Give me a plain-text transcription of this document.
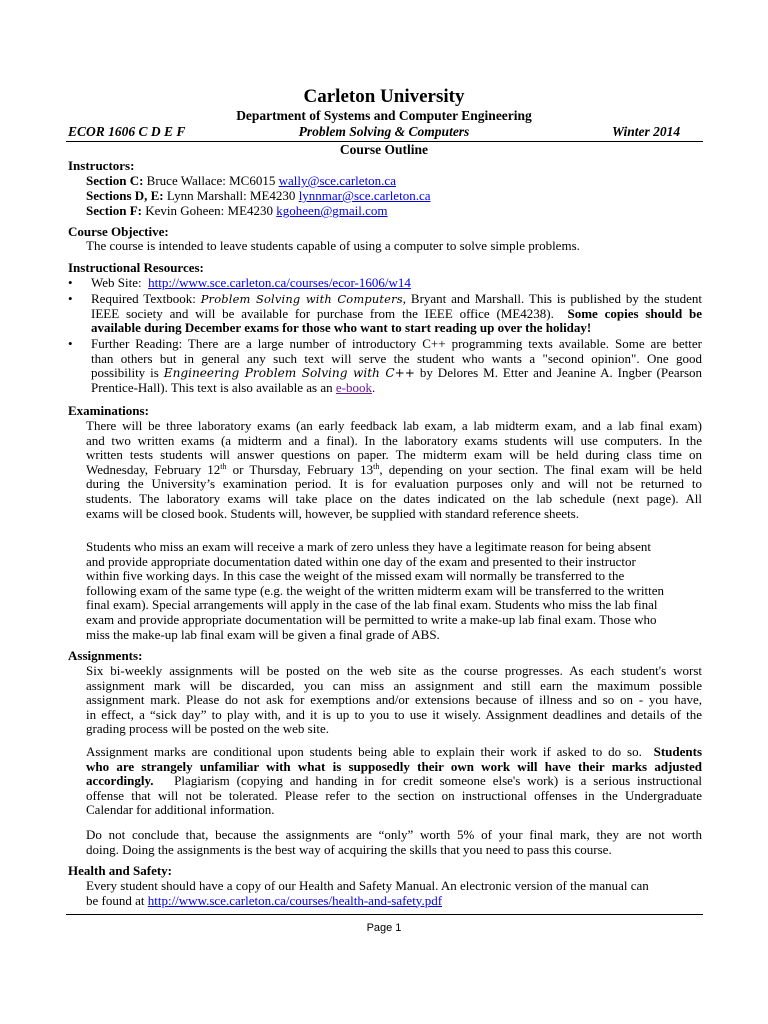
Carleton University
Department of Systems and Computer Engineering
ECOR 1606 C D E F	Problem Solving & Computers	Winter 2014
Course Outline
Instructors:
Section C: Bruce Wallace: MC6015 wally@sce.carleton.ca
Sections D, E: Lynn Marshall: ME4230 lynnmar@sce.carleton.ca
Section F: Kevin Goheen: ME4230 kgoheen@gmail.com
Course Objective:
The course is intended to leave students capable of using a computer to solve simple problems.
Instructional Resources:
• Web Site: http://www.sce.carleton.ca/courses/ecor-1606/w14
• Required Textbook: Problem Solving with Computers, Bryant and Marshall. This is published by the student

IEEE society and will be available for purchase from the IEEE office (ME4238). Some copies should be

available during December exams for those who want to start reading up over the holiday!

• Further Reading: There are a large number of introductory C++ programming texts available. Some are better

than others but in general any such text will serve the student who wants a "second opinion". One good

possibility is Engineering Problem Solving with C++ by Delores M. Etter and Jeanine A. Ingber (Pearson

Prentice-Hall). This text is also available as an e-book.

Examinations:

There will be three laboratory exams (an early feedback lab exam, a lab midterm exam, and a lab final exam)

and two written exams (a midterm and a final). In the laboratory exams students will use computers. In the

written tests students will answer questions on paper. The midterm exam will be held during class time on

Wednesday, February 12th or Thursday, February 13th, depending on your section. The final exam will be held

during the University’s examination period. It is for evaluation purposes only and will not be returned to

students. The laboratory exams will take place on the dates indicated on the lab schedule (next page). All

exams will be closed book. Students will, however, be supplied with standard reference sheets.

Students who miss an exam will receive a mark of zero unless they have a legitimate reason for being absent

and provide appropriate documentation dated within one day of the exam and presented to their instructor

within five working days. In this case the weight of the missed exam will normally be transferred to the

following exam of the same type (e.g. the weight of the written midterm exam will be transferred to the written

final exam). Special arrangements will apply in the case of the lab final exam. Students who miss the lab final

exam and provide appropriate documentation will be permitted to write a make-up lab final exam. Those who

miss the make-up lab final exam will be given a final grade of ABS.

Assignments:

Six bi-weekly assignments will be posted on the web site as the course progresses. As each student's worst

assignment mark will be discarded, you can miss an assignment and still earn the maximum possible

assignment mark. Please do not ask for exemptions and/or extensions because of illness and so on - you have,

in effect, a “sick day” to play with, and it is up to you to use it wisely. Assignment deadlines and details of the

grading process will be posted on the web site.

Assignment marks are conditional upon students being able to explain their work if asked to do so. Students

who are strangely unfamiliar with what is supposedly their own work will have their marks adjusted

accordingly. Plagiarism (copying and handing in for credit someone else's work) is a serious instructional

offense that will not be tolerated. Please refer to the section on instructional offenses in the Undergraduate

Calendar for additional information.

Do not conclude that, because the assignments are “only” worth 5% of your final mark, they are not worth

doing. Doing the assignments is the best way of acquiring the skills that you need to pass this course.

Health and Safety:

Every student should have a copy of our Health and Safety Manual. An electronic version of the manual can

be found at http://www.sce.carleton.ca/courses/health-and-safety.pdf

Page 1
